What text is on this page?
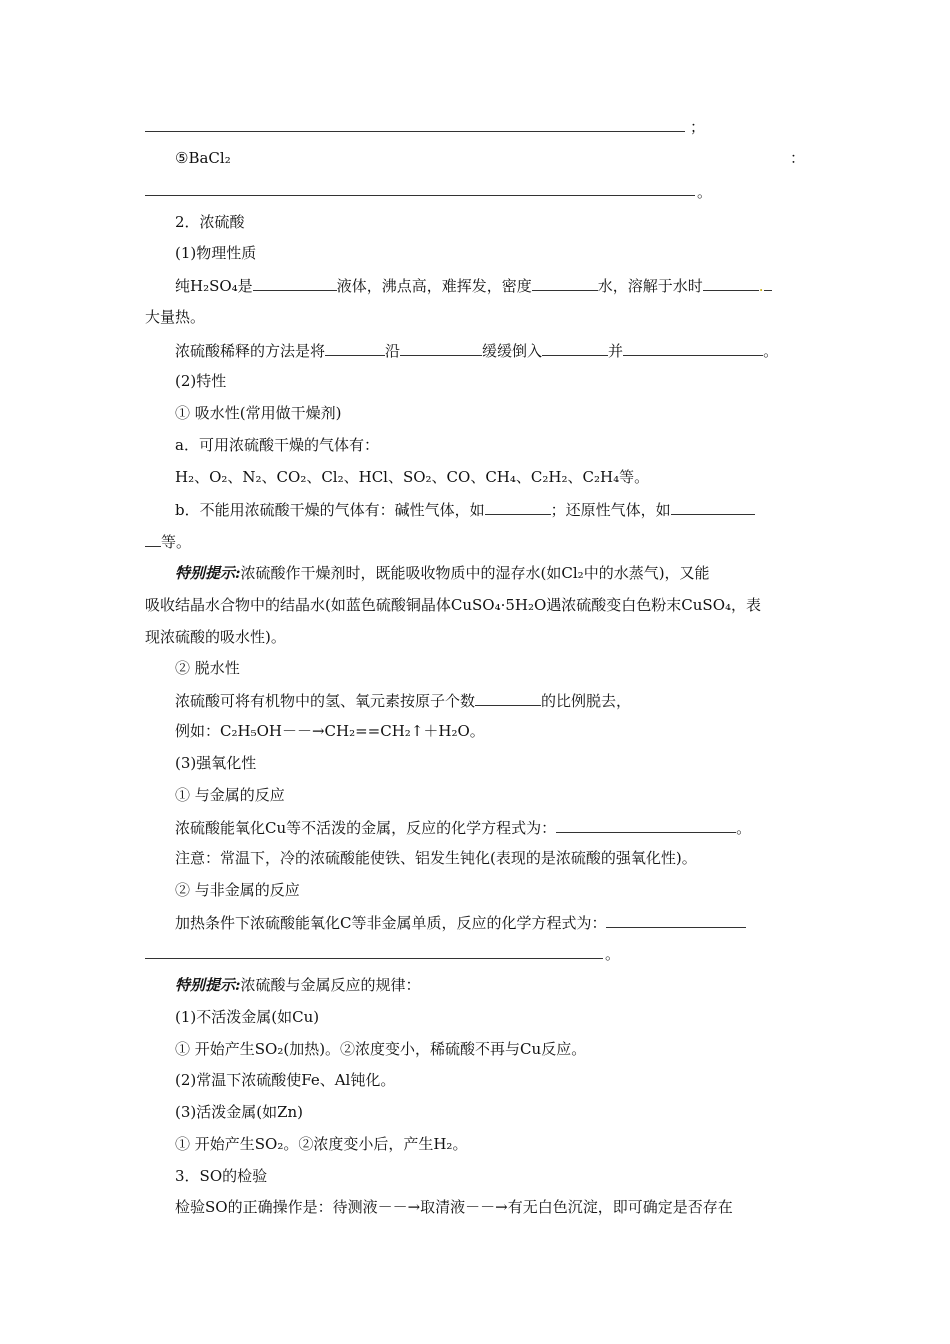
；
⑤BaCl₂	：
。
2．浓硫酸
(1)物理性质
纯H₂SO₄是	液体，沸点高，难挥发，密度	水，溶解于水时	.
大量热。
浓硫酸稀释的方法是将	沿	缓缓倒入	并	。
(2)特性
① 吸水性(常用做干燥剂)
a．可用浓硫酸干燥的气体有：
H₂、O₂、N₂、CO₂、Cl₂、HCl、SO₂、CO、CH₄、C₂H₂、C₂H₄等。
b．不能用浓硫酸干燥的气体有：碱性气体，如	；还原性气体，如
等。
特别提示:浓硫酸作干燥剂时，既能吸收物质中的湿存水(如Cl₂中的水蒸气)，又能
吸收结晶水合物中的结晶水(如蓝色硫酸铜晶体CuSO₄·5H₂O遇浓硫酸变白色粉末CuSO₄，表
现浓硫酸的吸水性)。
② 脱水性
浓硫酸可将有机物中的氢、氧元素按原子个数	的比例脱去，
例如：C₂H₅OH－－→CH₂==CH₂↑＋H₂O。
(3)强氧化性
① 与金属的反应
浓硫酸能氧化Cu等不活泼的金属，反应的化学方程式为：	。
注意：常温下，冷的浓硫酸能使铁、铝发生钝化(表现的是浓硫酸的强氧化性)。
② 与非金属的反应
加热条件下浓硫酸能氧化C等非金属单质，反应的化学方程式为：
。
特别提示:浓硫酸与金属反应的规律：
(1)不活泼金属(如Cu)
① 开始产生SO₂(加热)。②浓度变小，稀硫酸不再与Cu反应。
(2)常温下浓硫酸使Fe、Al钝化。
(3)活泼金属(如Zn)
① 开始产生SO₂。②浓度变小后，产生H₂。
3．SO的检验
检验SO的正确操作是：待测液－－→取清液－－→有无白色沉淀，即可确定是否存在
